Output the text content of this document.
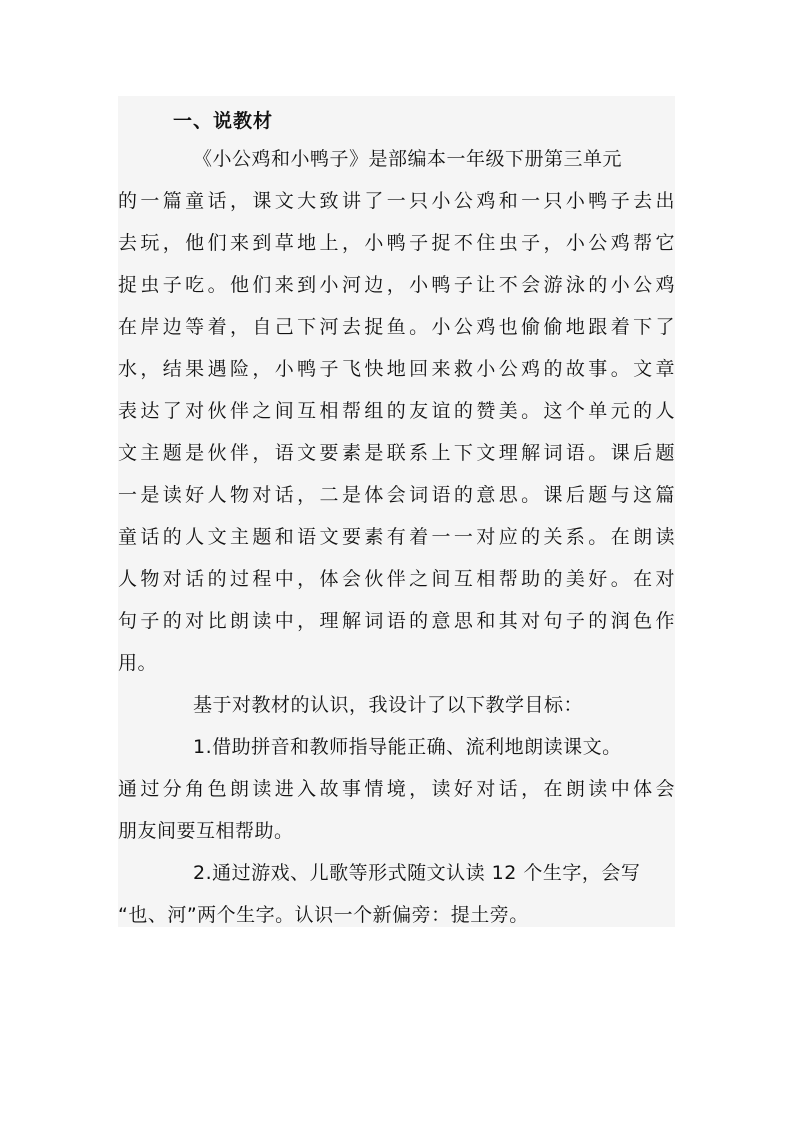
一、说教材
《小公鸡和小鸭子》是部编本一年级下册第三单元
的一篇童话，课文大致讲了一只小公鸡和一只小鸭子去出
去玩，他们来到草地上，小鸭子捉不住虫子，小公鸡帮它
捉虫子吃。他们来到小河边，小鸭子让不会游泳的小公鸡
在岸边等着，自己下河去捉鱼。小公鸡也偷偷地跟着下了
水，结果遇险，小鸭子飞快地回来救小公鸡的故事。文章
表达了对伙伴之间互相帮组的友谊的赞美。这个单元的人
文主题是伙伴，语文要素是联系上下文理解词语。课后题
一是读好人物对话，二是体会词语的意思。课后题与这篇
童话的人文主题和语文要素有着一一对应的关系。在朗读
人物对话的过程中，体会伙伴之间互相帮助的美好。在对
句子的对比朗读中，理解词语的意思和其对句子的润色作
用。
基于对教材的认识，我设计了以下教学目标：
1.借助拼音和教师指导能正确、流利地朗读课文。
通过分角色朗读进入故事情境，读好对话，在朗读中体会
朋友间要互相帮助。
2.通过游戏、儿歌等形式随文认读 12 个生字，会写
“也、河”两个生字。认识一个新偏旁：提土旁。
